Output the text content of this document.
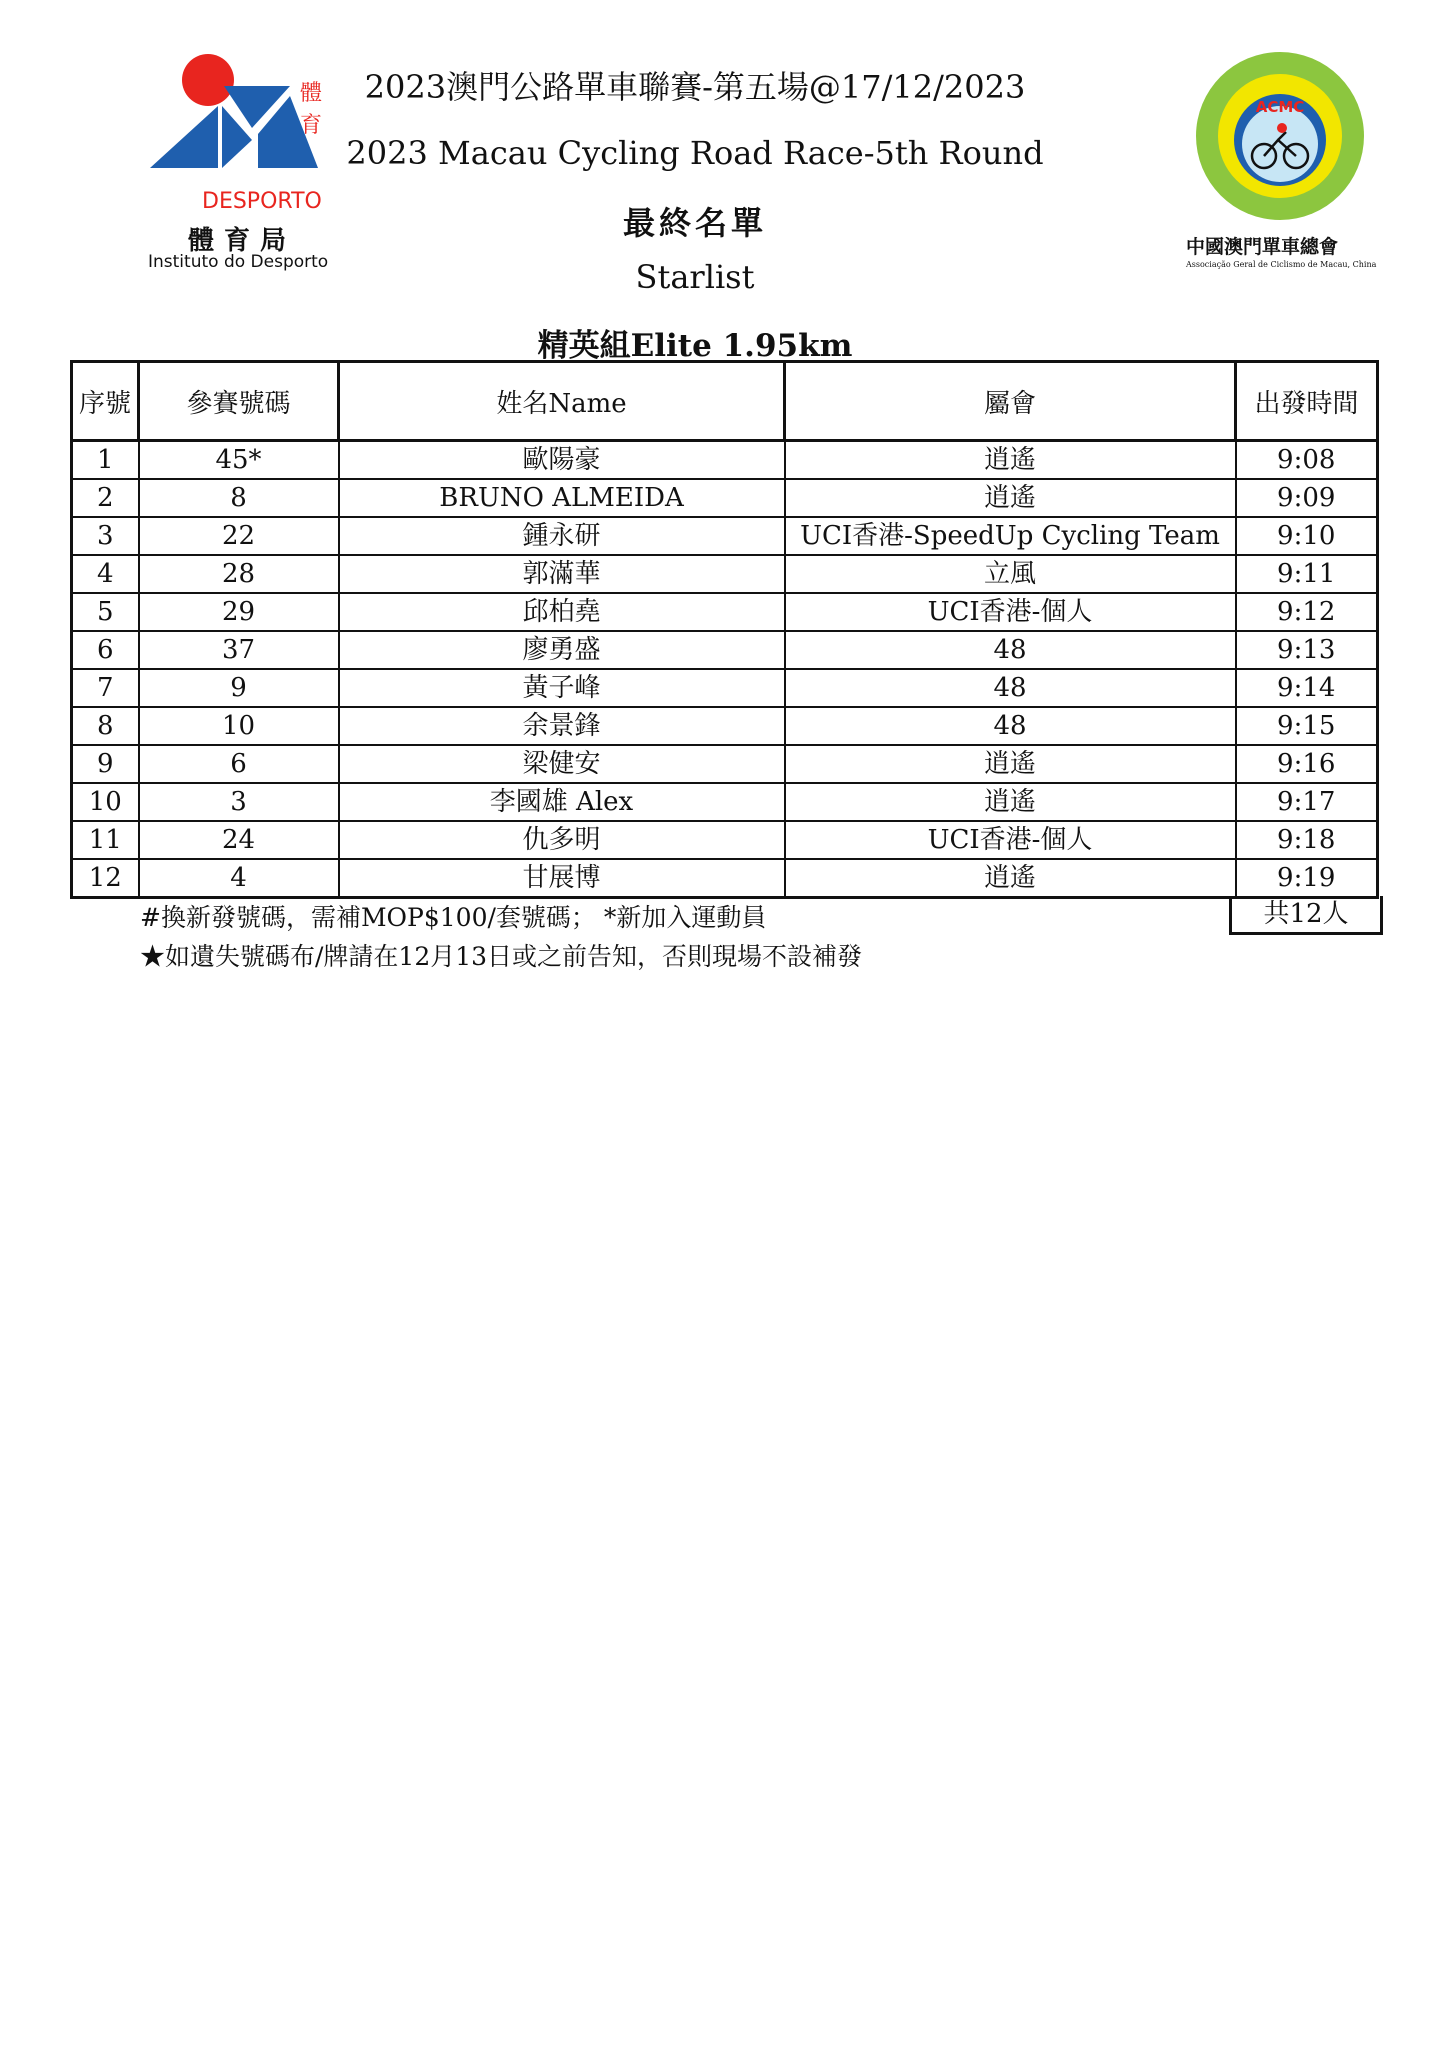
體
育
DESPORTO
體育局
Instituto do Desporto
ACMC
中國澳門單車總會
Associação Geral de Ciclismo de Macau, China
2023澳門公路單車聯賽-第五場@17/12/2023
2023 Macau Cycling Road Race-5th Round
最終名單
Starlist
精英組Elite 1.95km
序號	參賽號碼	姓名Name	屬會	出發時間
1	45*	歐陽豪	逍遙	9:08
2	8	BRUNO ALMEIDA	逍遙	9:09
3	22	鍾永研	UCI香港-SpeedUp Cycling Team	9:10
4	28	郭滿華	立風	9:11
5	29	邱柏堯	UCI香港-個人	9:12
6	37	廖勇盛	48	9:13
7	9	黃子峰	48	9:14
8	10	余景鋒	48	9:15
9	6	梁健安	逍遙	9:16
10	3	李國雄 Alex	逍遙	9:17
11	24	仇多明	UCI香港-個人	9:18
12	4	甘展博	逍遙	9:19
共12人
#換新發號碼，需補MOP$100/套號碼； *新加入運動員
★如遺失號碼布/牌請在12月13日或之前告知，否則現場不設補發
